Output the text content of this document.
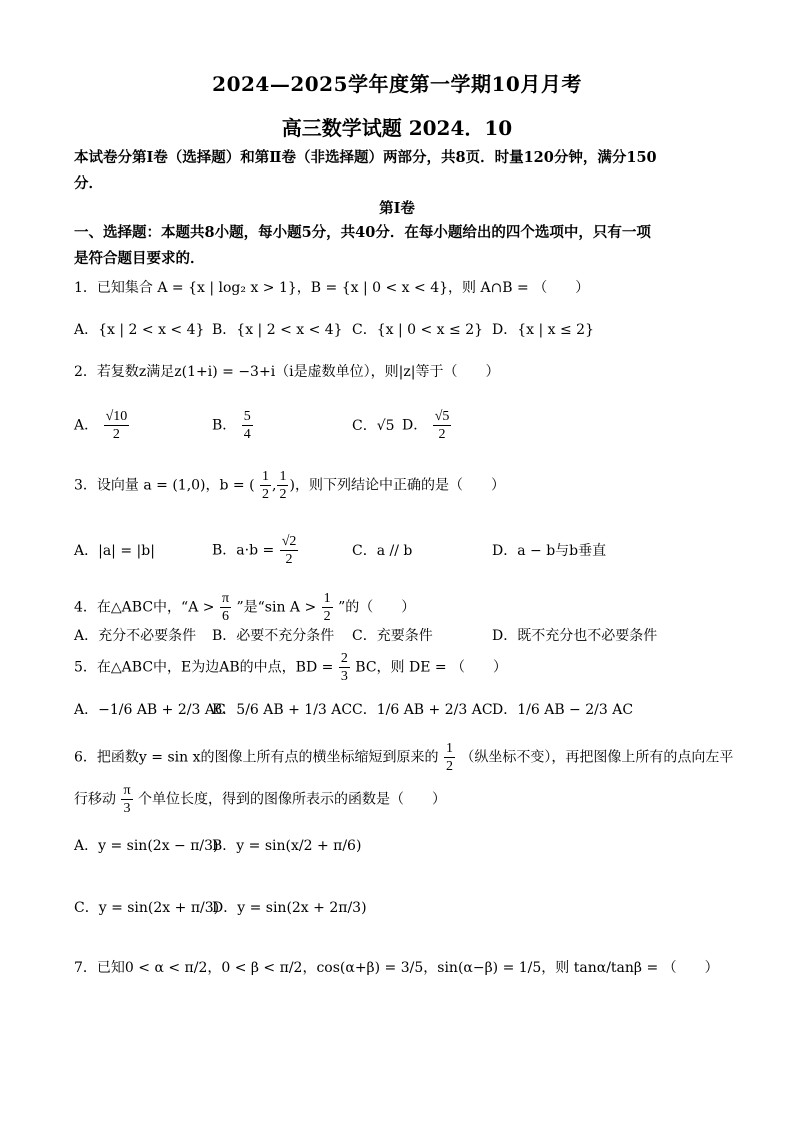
2024—2025学年度第一学期10月月考
高三数学试题 2024．10
本试卷分第Ⅰ卷（选择题）和第Ⅱ卷（非选择题）两部分，共8页．时量120分钟，满分150
分．
第Ⅰ卷
一、选择题：本题共8小题，每小题5分，共40分．在每小题给出的四个选项中，只有一项
是符合题目要求的．
1．已知集合 A = {x | log₂ x > 1}，B = {x | 0 < x < 4}，则 A∩B = （　　）
A．{x | 2 < x < 4} B．{x | 2 < x < 4} C．{x | 0 < x ≤ 2} D．{x | x ≤ 2}
2．若复数z满足z(1+i) = −3+i（i是虚数单位），则|z|等于（　　）
A． $\frac{√10}{2}$	B． $\frac{5}{4}$	C．√5 D． $\frac{√5}{2}$
3．设向量 a = (1,0)，b = ( $\frac{1}{2}$ , $\frac{1}{2}$ )，则下列结论中正确的是（　　）
A．|a| = |b|	B．$a\cdot b = \frac{√2}{2}$	C．a // b	D．a − b与b垂直
4．在△ABC中，“$A > \frac{\pi}{6}$ ”是“sin $A > \frac{1}{2}$ ”的（　　）
A．充分不必要条件 B．必要不充分条件 C．充要条件	D．既不充分也不必要条件
5．在△ABC中，E为边AB的中点，BD = $\frac{2}{3}$ BC，则 DE = （　　）
A．−1/6 AB + 2/3 AC
B．5/6 AB + 1/3 AC C．1/6 AB + 2/3 AC D．1/6 AB − 2/3 AC
6．把函数y = sin x的图像上所有点的横坐标缩短到原来的 $\frac{1}{2}$ （纵坐标不变），再把图像上所有的点向左平
行移动 $\frac{\pi}{3}$ 个单位长度，得到的图像所表示的函数是（　　）
A．y = sin(2x − π/3)
B．y = sin(x/2 + π/6)
C．y = sin(2x + π/3)
D．y = sin(2x + 2π/3)
7．已知0 < α < π/2，0 < β < π/2，cos(α+β) = 3/5，sin(α−β) = 1/5，则 tanα/tanβ = （　　）
